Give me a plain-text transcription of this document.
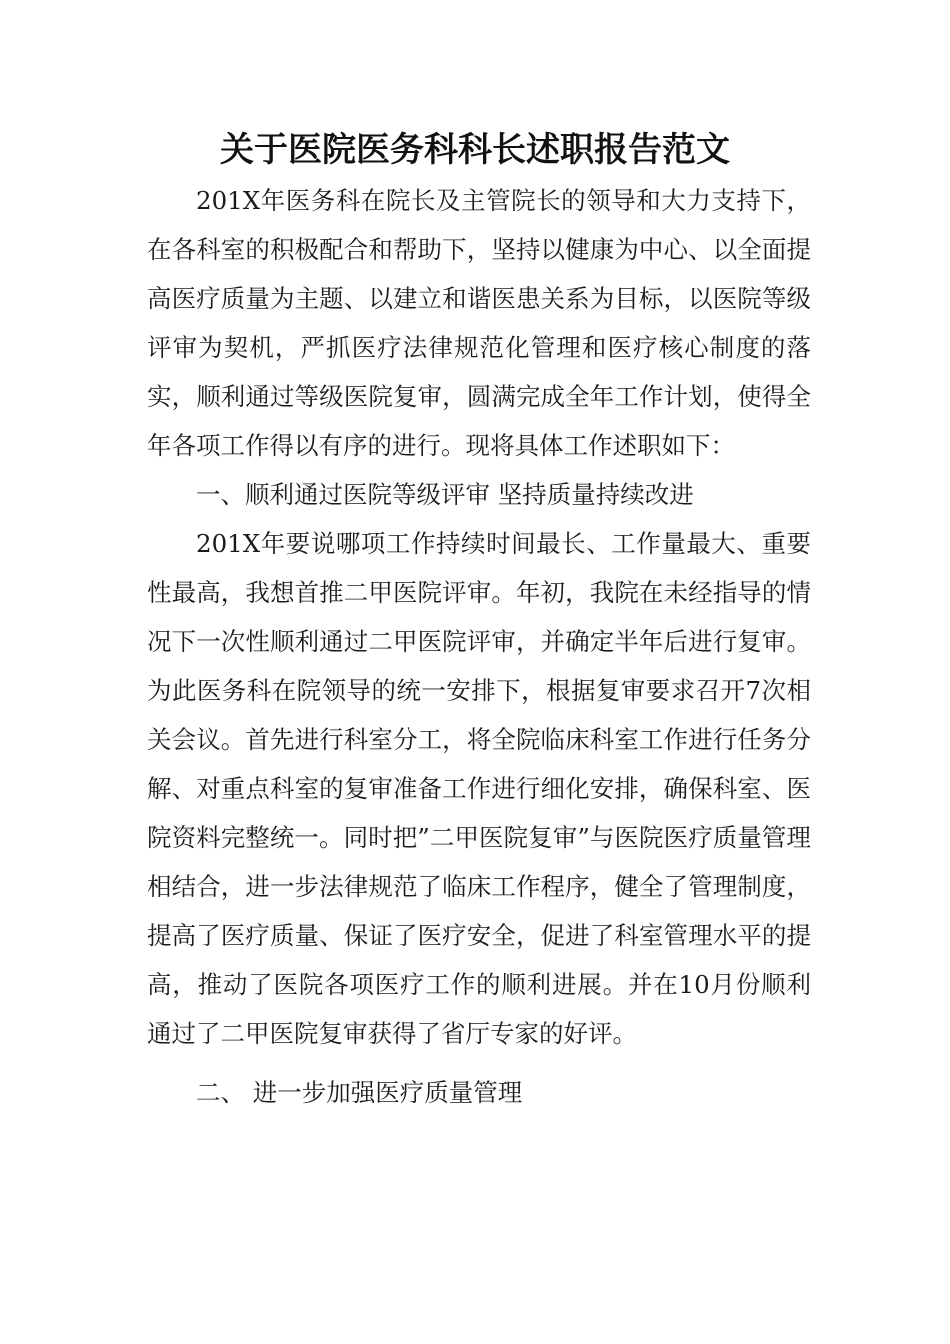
关于医院医务科科长述职报告范文

201X年医务科在院长及主管院长的领导和大力支持下，在各科室的积极配合和帮助下，坚持以健康为中心、以全面提高医疗质量为主题、以建立和谐医患关系为目标，以医院等级评审为契机，严抓医疗法律规范化管理和医疗核心制度的落实，顺利通过等级医院复审，圆满完成全年工作计划，使得全年各项工作得以有序的进行。现将具体工作述职如下：

一、顺利通过医院等级评审 坚持质量持续改进

201X年要说哪项工作持续时间最长、工作量最大、重要性最高，我想首推二甲医院评审。年初，我院在未经指导的情况下一次性顺利通过二甲医院评审，并确定半年后进行复审。为此医务科在院领导的统一安排下，根据复审要求召开7次相关会议。首先进行科室分工，将全院临床科室工作进行任务分解、对重点科室的复审准备工作进行细化安排，确保科室、医院资料完整统一。同时把”二甲医院复审”与医院医疗质量管理相结合，进一步法律规范了临床工作程序，健全了管理制度，提高了医疗质量、保证了医疗安全，促进了科室管理水平的提高，推动了医院各项医疗工作的顺利进展。并在10月份顺利通过了二甲医院复审获得了省厅专家的好评。

二、 进一步加强医疗质量管理
